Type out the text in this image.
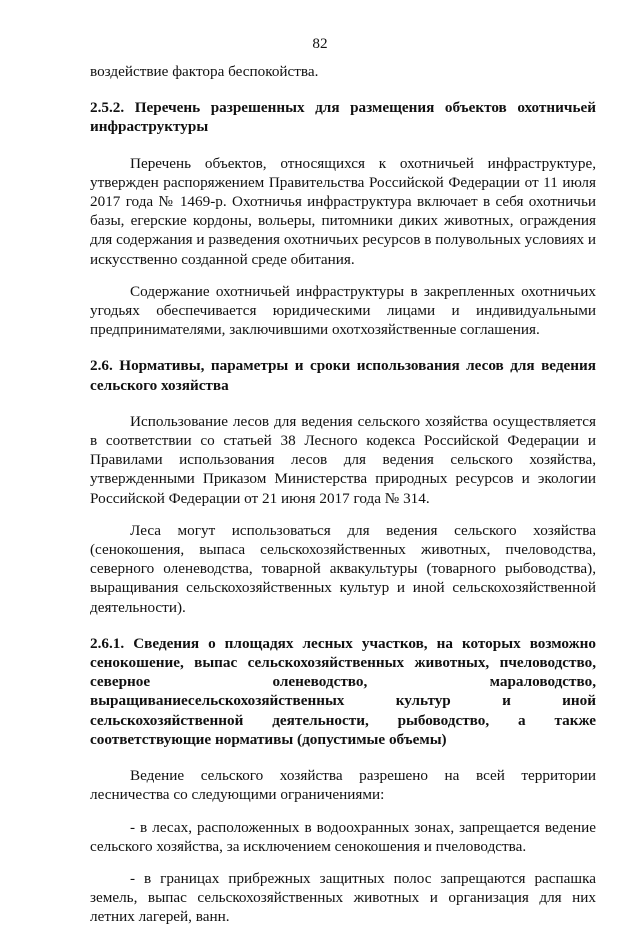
82

воздействие фактора беспокойства.

2.5.2. Перечень разрешенных для размещения объектов охотничьей инфраструктуры

Перечень объектов, относящихся к охотничьей инфраструктуре, утвержден распоряжением Правительства Российской Федерации от 11 июля 2017 года № 1469-р. Охотничья инфраструктура включает в себя охотничьи базы, егерские кордоны, вольеры, питомники диких животных, ограждения для содержания и разведения охотничьих ресурсов в полувольных условиях и искусственно созданной среде обитания.

Содержание охотничьей инфраструктуры в закрепленных охотничьих угодьях обеспечивается юридическими лицами и индивидуальными предпринимателями, заключившими охотхозяйственные соглашения.

2.6. Нормативы, параметры и сроки использования лесов для ведения сельского хозяйства

Использование лесов для ведения сельского хозяйства осуществляется в соответствии со статьей 38 Лесного кодекса Российской Федерации и Правилами использования лесов для ведения сельского хозяйства, утвержденными Приказом Министерства природных ресурсов и экологии Российской Федерации от 21 июня 2017 года № 314.

Леса могут использоваться для ведения сельского хозяйства (сенокошения, выпаса сельскохозяйственных животных, пчеловодства, северного оленеводства, товарной аквакультуры (товарного рыбоводства), выращивания сельскохозяйственных культур и иной сельскохозяйственной деятельности).

2.6.1. Сведения о площадях лесных участков, на которых возможно сенокошение, выпас сельскохозяйственных животных, пчеловодство, северное оленеводство, мараловодство, выращиваниесельскохозяйственных культур и иной сельскохозяйственной деятельности, рыбоводство, а также соответствующие нормативы (допустимые объемы)

Ведение сельского хозяйства разрешено на всей территории лесничества со следующими ограничениями:

- в лесах, расположенных в водоохранных зонах, запрещается ведение сельского хозяйства, за исключением сенокошения и пчеловодства.

- в границах прибрежных защитных полос запрещаются распашка земель, выпас сельскохозяйственных животных и организация для них летних лагерей, ванн.
